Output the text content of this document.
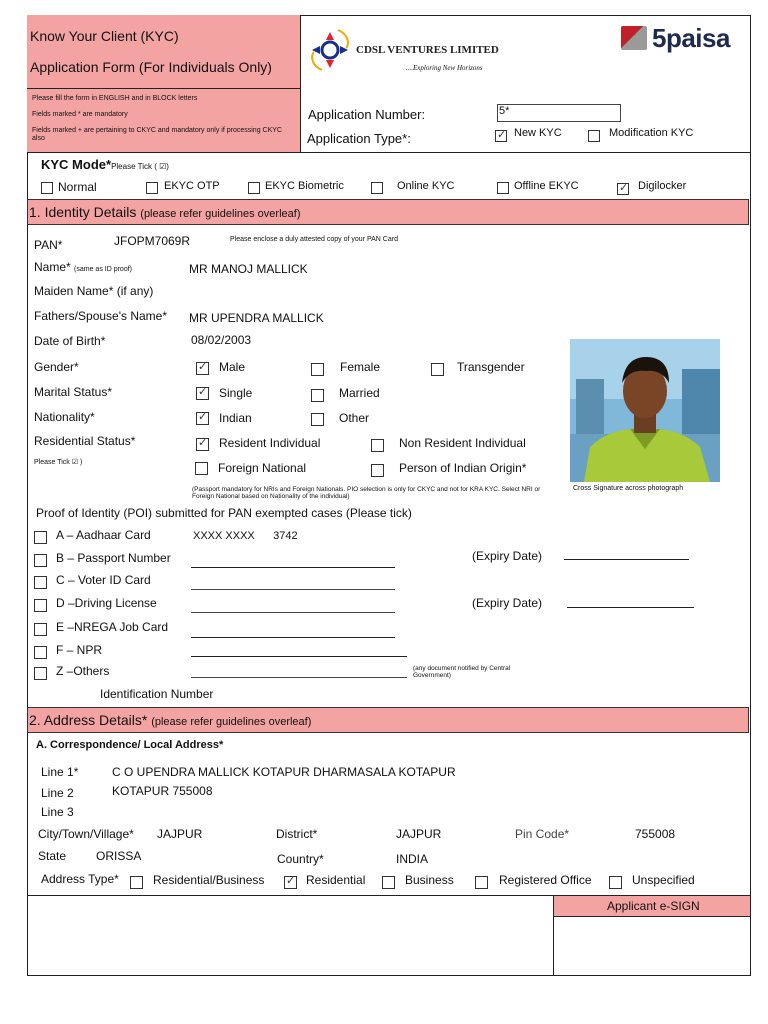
Know Your Client (KYC)
Application Form (For Individuals Only)
Please fill the form in ENGLISH and in BLOCK letters
Fields marked * are mandatory
Fields marked + are pertaining to CKYC and mandatory only if processing CKYC also
CDSL VENTURES LIMITED
....Exploring New Horizons
5paisa
Application Number:	5*
Application Type*: ✓	New KYC	Modification KYC
KYC Mode*Please Tick ( ☑)
Normal	EKYC OTP	EKYC Biometric	Online KYC	Offline EKYC ✓	Digilocker
1. Identity Details (please refer guidelines overleaf)
PAN*	JFOPM7069R	Please enclose a duly attested copy of your PAN Card
Name* (same as ID proof)	MR MANOJ MALLICK
Maiden Name* (if any)
Fathers/Spouse's Name* MR UPENDRA MALLICK
Date of Birth*	08/02/2003
Gender* ✓	Male	Female	Transgender
Marital Status* ✓	Single	Married
Nationality* ✓	Indian	Other
Residential Status* ✓	Resident Individual	Non Resident Individual
Please Tick ☑ )	Foreign National	Person of Indian Origin*
(Passport mandatory for NRIs and Foreign Nationals. PIO selection is only for CKYC and not for KRA KYC. Select NRI or Foreign National based on Nationality of the individual)
Cross Signature across photograph
Proof of Identity (POI) submitted for PAN exempted cases (Please tick)
A – Aadhaar Card	XXXX XXXX      3742
B – Passport Number	(Expiry Date)
C – Voter ID Card
D –Driving License	(Expiry Date)
E –NREGA Job Card
F – NPR
Z –Others	(any document notified by Central Government)
Identification Number
2. Address Details* (please refer guidelines overleaf)
A. Correspondence/ Local Address*
Line 1*	C O UPENDRA MALLICK KOTAPUR DHARMASALA KOTAPUR
Line 2	KOTAPUR 755008
Line 3
City/Town/Village* JAJPUR	District*	JAJPUR	Pin Code*	755008
State ORISSA	Country*	INDIA
Address Type*	Residential/Business ✓	Residential	Business	Registered Office	Unspecified
Applicant e-SIGN
